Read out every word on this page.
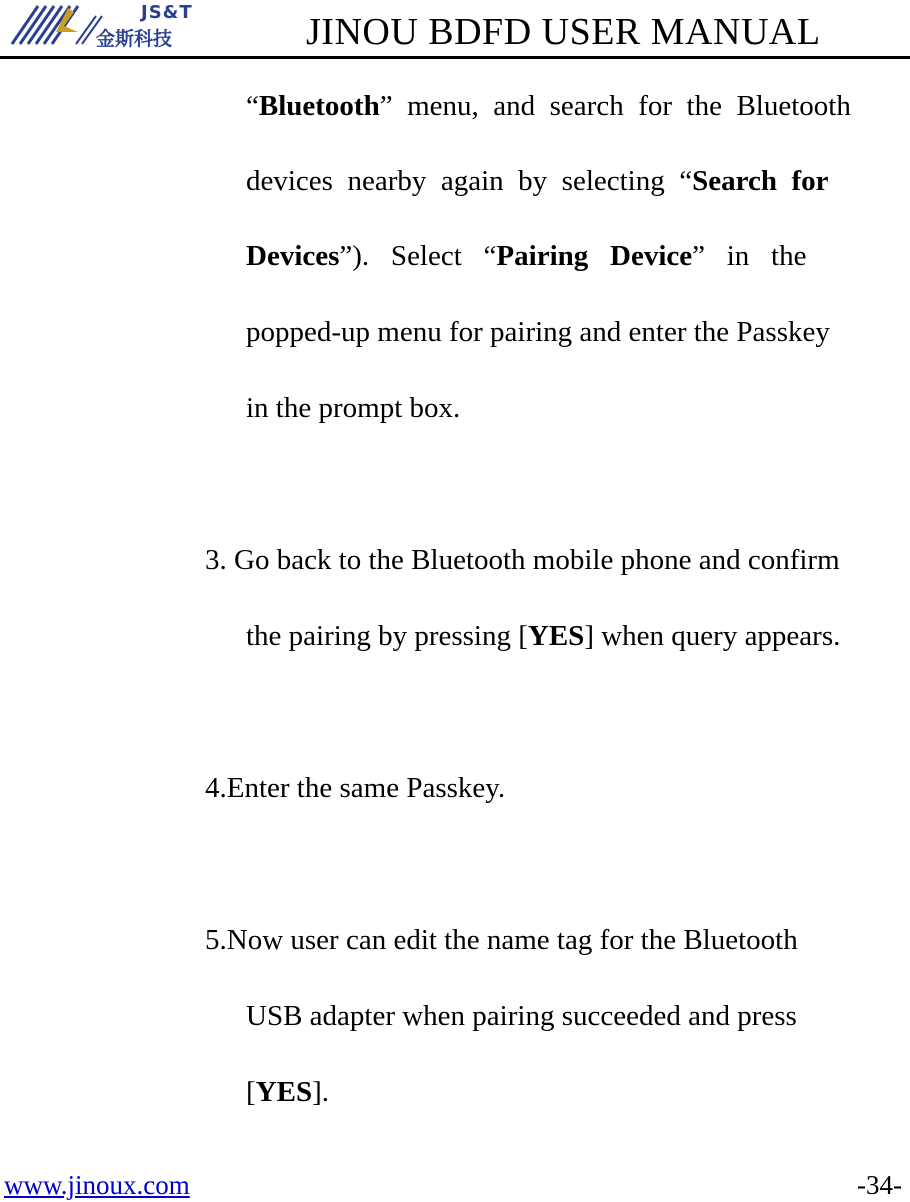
JS&T
金斯科技	JINOU BDFD USER MANUAL
“Bluetooth”  menu,  and  search  for  the  Bluetooth
devices  nearby  again  by  selecting  “Search  for
Devices”).   Select   “Pairing   Device”   in   the
popped-up menu for pairing and enter the Passkey
in the prompt box.
3. Go back to the Bluetooth mobile phone and confirm
the pairing by pressing [YES] when query appears.
4.Enter the same Passkey.
5.Now user can edit the name tag for the Bluetooth
USB adapter when pairing succeeded and press
[YES].
www.jinoux.com	-34-
